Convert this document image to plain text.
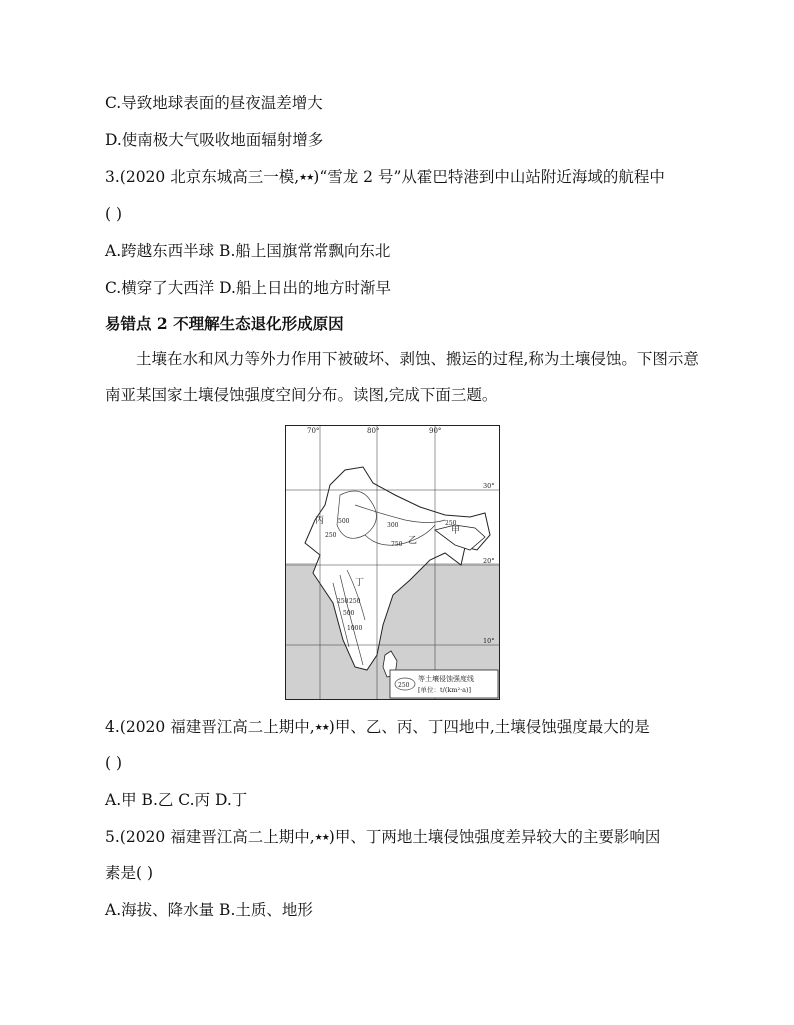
C.导致地球表面的昼夜温差增大
D.使南极大气吸收地面辐射增多
3.(2020 北京东城高三一模,★★)“雪龙 2 号”从霍巴特港到中山站附近海域的航程中
( )
A.跨越东西半球 B.船上国旗常常飘向东北
C.横穿了大西洋 D.船上日出的地方时渐早
易错点 2 不理解生态退化形成原因
土壤在水和风力等外力作用下被破坏、剥蚀、搬运的过程,称为土壤侵蚀。下图示意南亚某国家土壤侵蚀强度空间分布。读图,完成下面三题。
70°	80°	90°
30°
20°
10°
丙
乙
丁
甲
250
500
300
750
250
250
500
1000
250
250
等土壤侵蚀强度线
[单位：t/(km²·a)]
4.(2020 福建晋江高二上期中,★★)甲、乙、丙、丁四地中,土壤侵蚀强度最大的是
( )
A.甲 B.乙 C.丙 D.丁
5.(2020 福建晋江高二上期中,★★)甲、丁两地土壤侵蚀强度差异较大的主要影响因
素是( )
A.海拔、降水量 B.土质、地形
